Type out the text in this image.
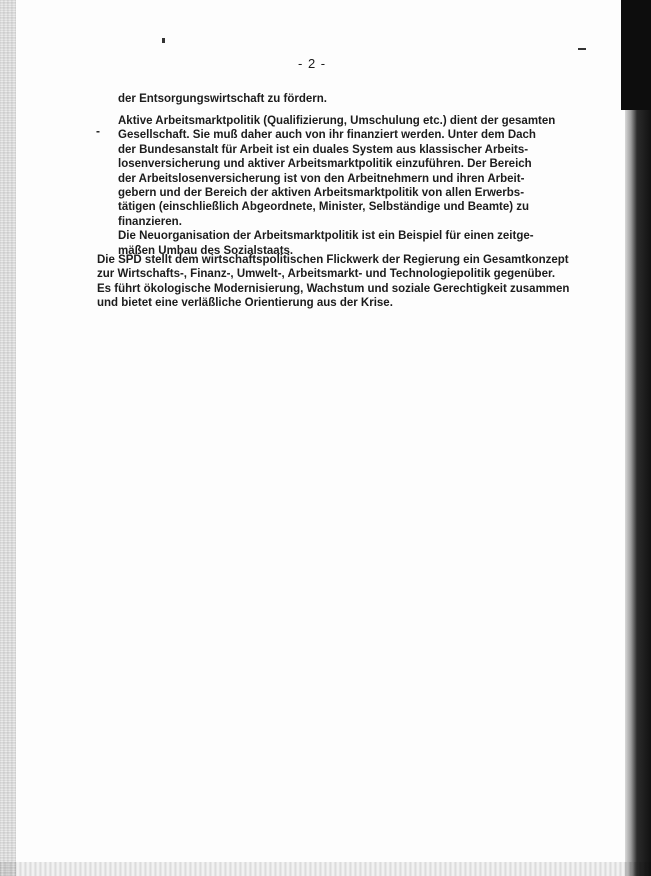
- 2 -
der Entsorgungswirtschaft zu fördern.
-
Aktive Arbeitsmarktpolitik (Qualifizierung, Umschulung etc.) dient der gesamten
Gesellschaft. Sie muß daher auch von ihr finanziert werden. Unter dem Dach
der Bundesanstalt für Arbeit ist ein duales System aus klassischer Arbeits-
losenversicherung und aktiver Arbeitsmarktpolitik einzuführen. Der Bereich
der Arbeitslosenversicherung ist von den Arbeitnehmern und ihren Arbeit-
gebern und der Bereich der aktiven Arbeitsmarktpolitik von allen Erwerbs-
tätigen (einschließlich Abgeordnete, Minister, Selbständige und Beamte) zu
finanzieren.
Die Neuorganisation der Arbeitsmarktpolitik ist ein Beispiel für einen zeitge-
mäßen Umbau des Sozialstaats.
Die SPD stellt dem wirtschaftspolitischen Flickwerk der Regierung ein Gesamtkonzept
zur Wirtschafts-, Finanz-, Umwelt-, Arbeitsmarkt- und Technologiepolitik gegenüber.
Es führt ökologische Modernisierung, Wachstum und soziale Gerechtigkeit zusammen
und bietet eine verläßliche Orientierung aus der Krise.
